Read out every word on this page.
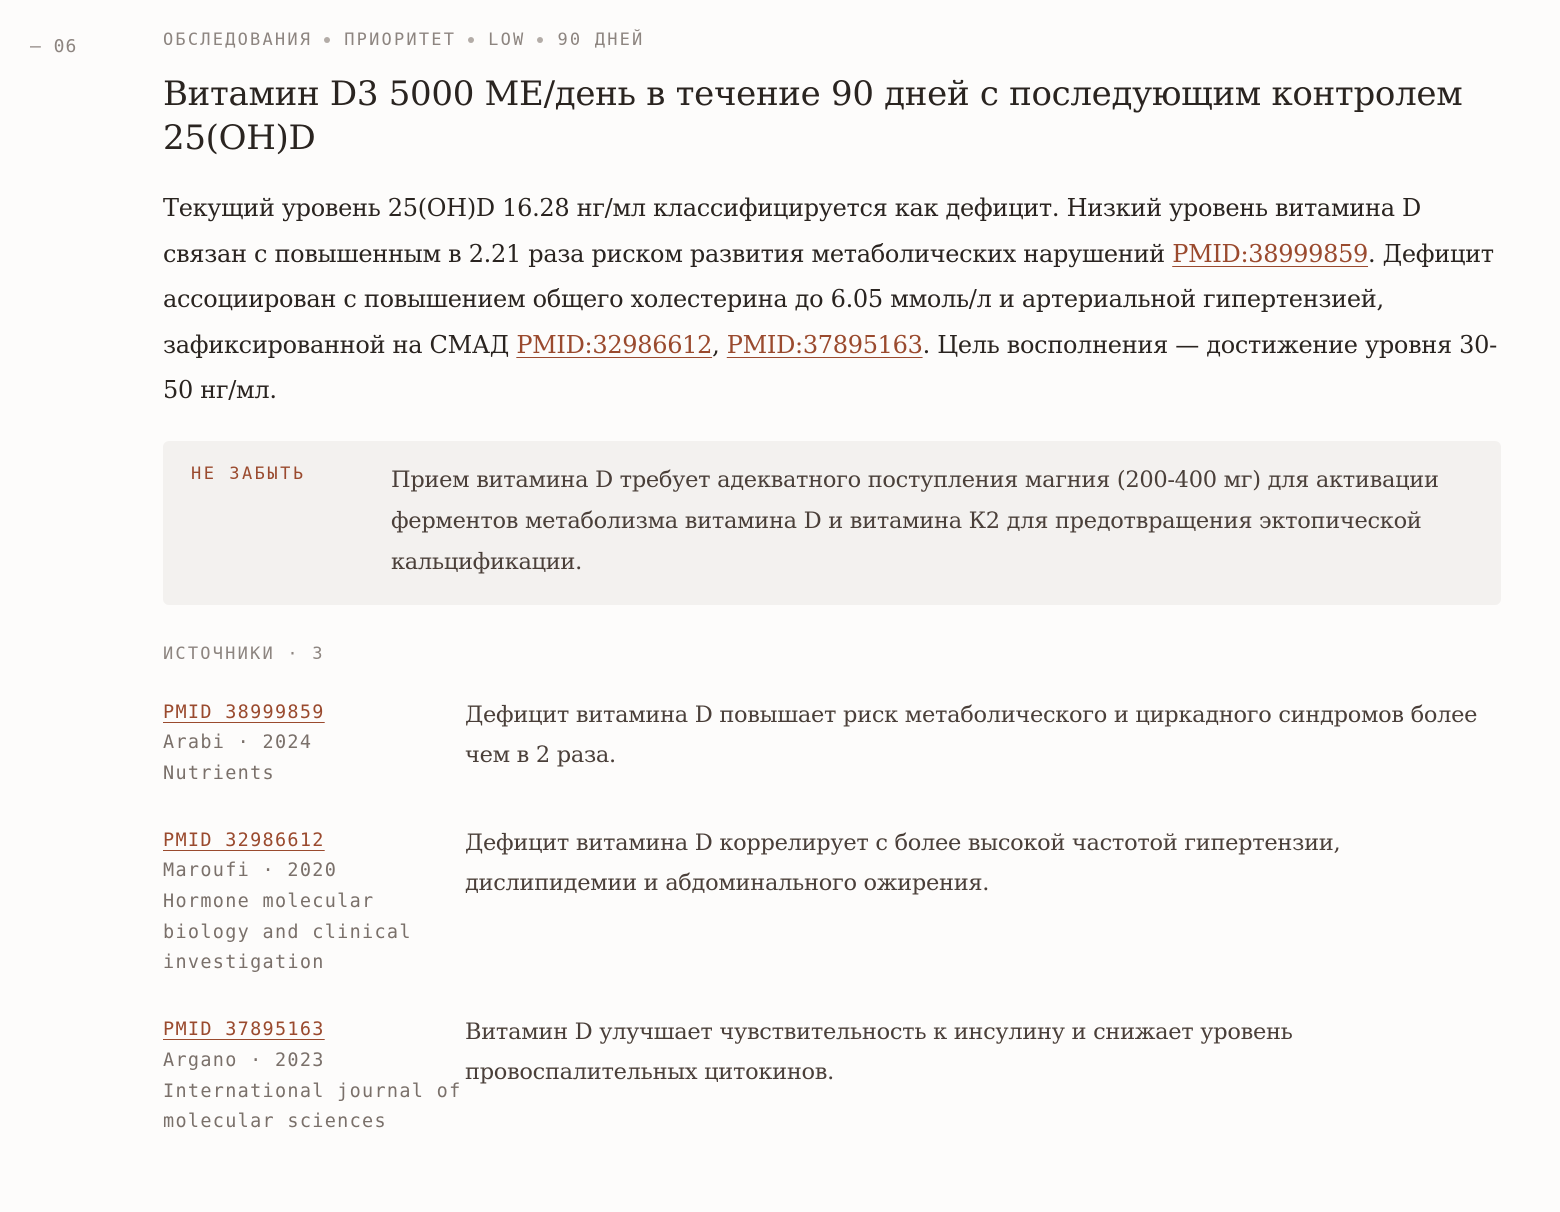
— 06	ОБСЛЕДОВАНИЯ ПРИОРИТЕТ LOW 90 ДНЕЙ
Витамин D3 5000 МЕ/день в течение 90 дней с последующим контролем 25(OH)D

Текущий уровень 25(OH)D 16.28 нг/мл классифицируется как дефицит. Низкий уровень витамина D связан с повышенным в 2.21 раза риском развития метаболических нарушений PMID:38999859. Дефицит ассоциирован с повышением общего холестерина до 6.05 ммоль/л и артериальной гипертензией, зафиксированной на СМАД PMID:32986612, PMID:37895163. Цель восполнения — достижение уровня 30-50 нг/мл.

НЕ ЗАБЫТЬ	Прием витамина D требует адекватного поступления магния (200-400 мг) для активации ферментов метаболизма витамина D и витамина К2 для предотвращения эктопической кальцификации.
ИСТОЧНИКИ · 3
PMID 38999859
Arabi · 2024
Nutrients
Дефицит витамина D повышает риск метаболического и циркадного синдромов более чем в 2 раза.
PMID 32986612
Maroufi · 2020
Hormone molecular biology and clinical investigation
Дефицит витамина D коррелирует с более высокой частотой гипертензии, дислипидемии и абдоминального ожирения.
PMID 37895163
Argano · 2023
International journal of molecular sciences
Витамин D улучшает чувствительность к инсулину и снижает уровень провоспалительных цитокинов.
